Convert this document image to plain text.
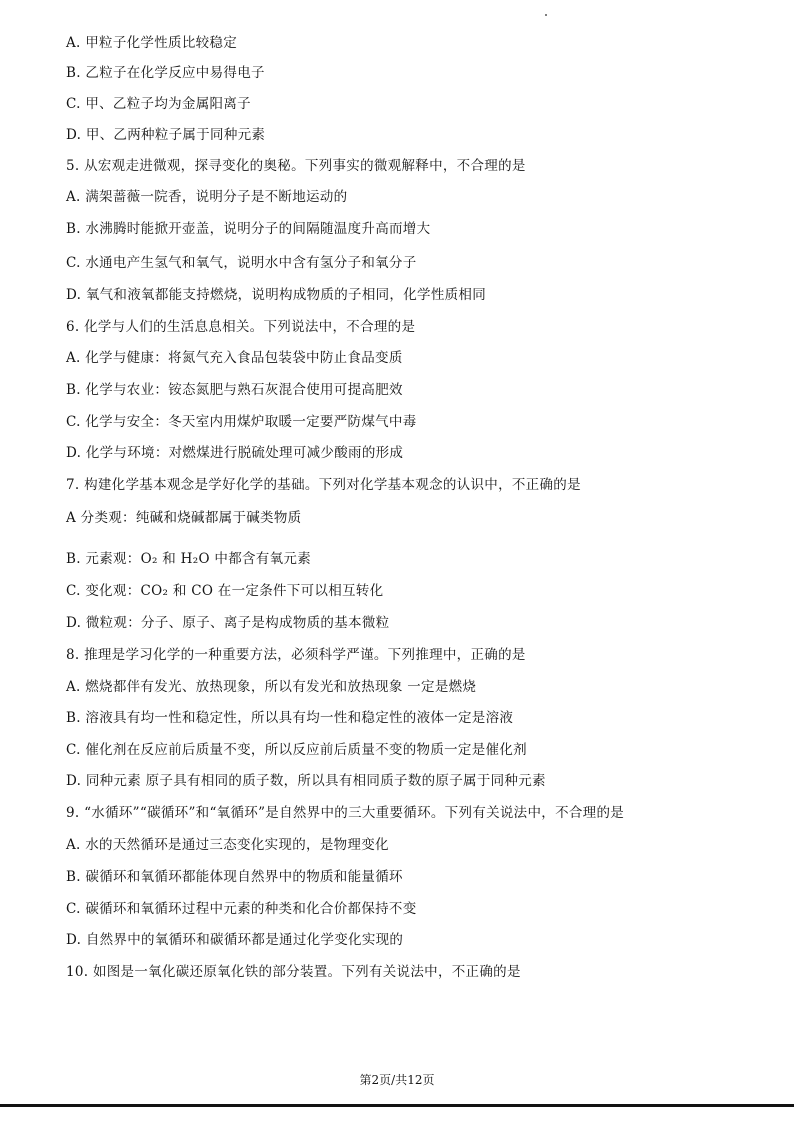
A. 甲粒子化学性质比较稳定
B. 乙粒子在化学反应中易得电子
C. 甲、乙粒子均为金属阳离子
D. 甲、乙两种粒子属于同种元素
5. 从宏观走进微观，探寻变化的奥秘。下列事实的微观解释中，不合理的是
A. 满架蔷薇一院香，说明分子是不断地运动的
B. 水沸腾时能掀开壶盖，说明分子的间隔随温度升高而增大
C. 水通电产生氢气和氧气，说明水中含有氢分子和氧分子
D. 氧气和液氧都能支持燃烧，说明构成物质的子相同，化学性质相同
6. 化学与人们的生活息息相关。下列说法中，不合理的是
A. 化学与健康：将氮气充入食品包装袋中防止食品变质
B. 化学与农业：铵态氮肥与熟石灰混合使用可提高肥效
C. 化学与安全：冬天室内用煤炉取暖一定要严防煤气中毒
D. 化学与环境：对燃煤进行脱硫处理可减少酸雨的形成
7. 构建化学基本观念是学好化学的基础。下列对化学基本观念的认识中，不正确的是
A 分类观：纯碱和烧碱都属于碱类物质
B. 元素观：O₂ 和 H₂O 中都含有氧元素
C. 变化观：CO₂ 和 CO 在一定条件下可以相互转化
D. 微粒观：分子、原子、离子是构成物质的基本微粒
8. 推理是学习化学的一种重要方法，必须科学严谨。下列推理中，正确的是
A. 燃烧都伴有发光、放热现象，所以有发光和放热现象 一定是燃烧
B. 溶液具有均一性和稳定性，所以具有均一性和稳定性的液体一定是溶液
C. 催化剂在反应前后质量不变，所以反应前后质量不变的物质一定是催化剂
D. 同种元素 原子具有相同的质子数，所以具有相同质子数的原子属于同种元素
9. “水循环”“碳循环”和“氧循环”是自然界中的三大重要循环。下列有关说法中，不合理的是
A. 水的天然循环是通过三态变化实现的，是物理变化
B. 碳循环和氧循环都能体现自然界中的物质和能量循环
C. 碳循环和氧循环过程中元素的种类和化合价都保持不变
D. 自然界中的氧循环和碳循环都是通过化学变化实现的
10. 如图是一氧化碳还原氧化铁的部分装置。下列有关说法中，不正确的是
第2页/共12页
